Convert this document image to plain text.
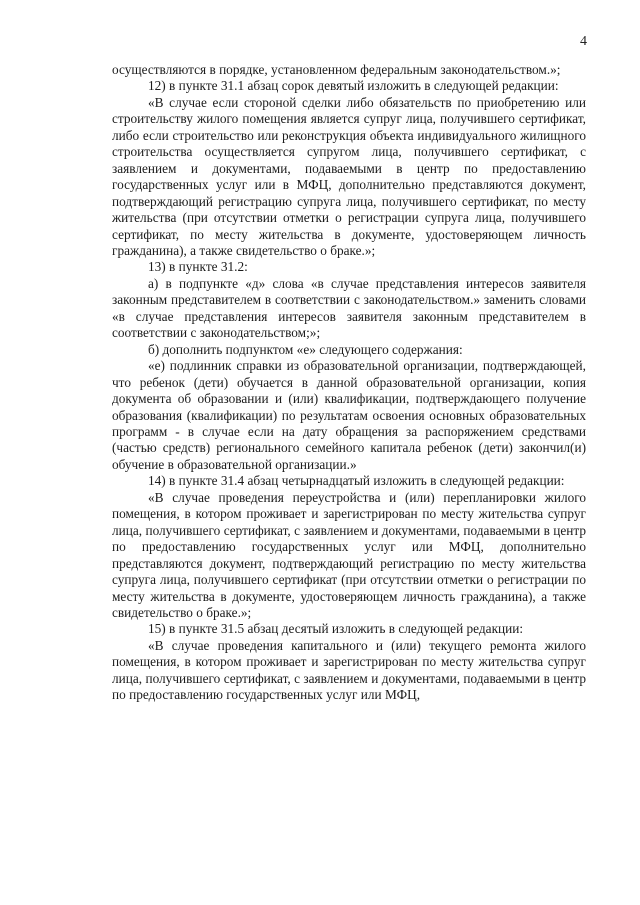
4

осуществляются в порядке, установленном федеральным законодательством.»;

12) в пункте 31.1 абзац сорок девятый изложить в следующей редакции:

«В случае если стороной сделки либо обязательств по приобретению или строительству жилого помещения является супруг лица, получившего сертификат, либо если строительство или реконструкция объекта индивидуального жилищного строительства осуществляется супругом лица, получившего сертификат, с заявлением и документами, подаваемыми в центр по предоставлению государственных услуг или в МФЦ, дополнительно представляются документ, подтверждающий регистрацию супруга лица, получившего сертификат, по месту жительства (при отсутствии отметки о регистрации супруга лица, получившего сертификат, по месту жительства в документе, удостоверяющем личность гражданина), а также свидетельство о браке.»;

13) в пункте 31.2:

а) в подпункте «д» слова «в случае представления интересов заявителя законным представителем в соответствии с законодательством.» заменить словами «в случае представления интересов заявителя законным представителем в соответствии с законодательством;»;

б) дополнить подпунктом «е» следующего содержания:

«е) подлинник справки из образовательной организации, подтверждающей, что ребенок (дети) обучается в данной образовательной организации, копия документа об образовании и (или) квалификации, подтверждающего получение образования (квалификации) по результатам освоения основных образовательных программ - в случае если на дату обращения за распоряжением средствами (частью средств) регионального семейного капитала ребенок (дети) закончил(и) обучение в образовательной организации.»

14) в пункте 31.4 абзац четырнадцатый изложить в следующей редакции:

«В случае проведения переустройства и (или) перепланировки жилого помещения, в котором проживает и зарегистрирован по месту жительства супруг лица, получившего сертификат, с заявлением и документами, подаваемыми в центр по предоставлению государственных услуг или МФЦ, дополнительно представляются документ, подтверждающий регистрацию по месту жительства супруга лица, получившего сертификат (при отсутствии отметки о регистрации по месту жительства в документе, удостоверяющем личность гражданина), а также свидетельство о браке.»;

15) в пункте 31.5 абзац десятый изложить в следующей редакции:

«В случае проведения капитального и (или) текущего ремонта жилого помещения, в котором проживает и зарегистрирован по месту жительства супруг лица, получившего сертификат, с заявлением и документами, подаваемыми в центр по предоставлению государственных услуг или МФЦ,
